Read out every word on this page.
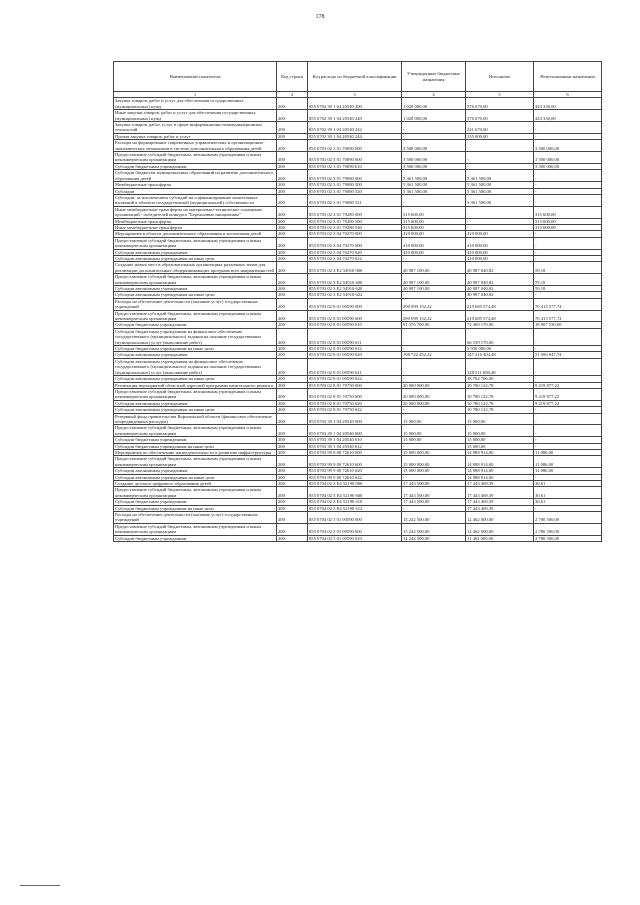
178
Наименование показателя	Код строки	Код расхода по бюджетной классификации	Утвержденные бюджетные назначения	Исполнено	Неисполненные назначения
1	2	3	4	5	6
Закупка товаров, работ и услуг для обеспечения государственных (муниципальных) нужд	200	855 0702 39 1 04 20540 200	1 020 000,00	576 670,00	443 330,00
Иные закупки товаров, работ и услуг для обеспечения государственных (муниципальных) нужд	200	855 0702 39 1 04 20540 240	1 020 000,00	576 670,00	443 330,00
Закупка товаров, работ, услуг в сфере информационно-коммуникационных технологий	200	855 0702 39 1 04 20540 242	-	241 670,00	-
Прочая закупка товаров, работ и услуг	200	855 0702 39 1 04 20540 244	-	335 000,00	-
Расходы на формирование современных управленческих и организационно-экономических механизмов в системе дополнительного образования детей	200	855 0703 02 3 01 70090 000	3 500 000,00	-	3 500 000,00
Предоставление субсидий бюджетным, автономным учреждениям и иным некоммерческим организациям	200	855 0703 02 3 01 70090 600	3 500 000,00	-	3 500 000,00
Субсидии бюджетным учреждениям	200	855 0703 02 3 01 70090 610	3 500 000,00	-	3 500 000,00
Субсидии бюджетам муниципальных образований на развитие дополнительного образования детей	200	855 0703 02 3 01 79080 000	5 361 500,00	5 361 500,00	-
Межбюджетные трансферты	200	855 0703 02 3 01 79080 500	5 361 500,00	5 361 500,00	-
Субсидии	200	855 0703 02 3 01 79080 520	5 361 500,00	5 361 500,00	-
Субсидии, за исключением субсидий на софинансирование капитальных вложений в объекты государственной (муниципальной) собственности	200	855 0703 02 3 01 79080 521	-	5 361 500,00	-
Иные межбюджетные трансферты на материально-техническое оснащение организаций - победителей конкурса "Бережливые инициативы"	200	855 0703 02 3 01 79280 000	315 600,00	-	315 600,00
Межбюджетные трансферты	200	855 0703 02 3 01 79280 500	315 600,00	-	315 600,00
Иные межбюджетные трансферты	200	855 0703 02 3 01 79280 540	315 600,00	-	315 600,00
Мероприятия в области дополнительного образования и воспитания детей	200	855 0703 02 3 04 70270 000	410 000,00	410 000,00	-
Предоставление субсидий бюджетным, автономным учреждениям и иным некоммерческим организациям	200	855 0703 02 3 04 70270 600	410 000,00	410 000,00	-
Субсидии автономным учреждениям	200	855 0703 02 3 04 70270 620	410 000,00	410 000,00	-
Субсидии автономным учреждениям на иные цели	200	855 0703 02 3 04 70270 622	-	410 000,00	-
Создание новых мест в образовательных организациях различных типов для реализации дополнительных общеразвивающих программ всех направленностей	200	855 0703 02 3 E2 54910 000	40 987 100,00	40 987 040,82	59,18
Предоставление субсидий бюджетным, автономным учреждениям и иным некоммерческим организациям	200	855 0703 02 3 E2 54910 600	40 987 100,00	40 987 040,82	59,18
Субсидии автономным учреждениям	200	855 0703 02 3 E2 54910 620	40 987 100,00	40 987 040,82	59,18
Субсидии автономным учреждениям на иные цели	200	855 0703 02 3 E2 54910 622	-	40 987 040,82	-
Расходы на обеспечение деятельности (оказание услуг) государственных учреждений	200	855 0703 02 8 01 00590 000	290 099 152,22	219 685 574,48	70 413 577,74
Предоставление субсидий бюджетным, автономным учреждениям и иным некоммерческим организациям	200	855 0703 02 8 01 00590 600	290 099 152,22	219 685 574,48	70 413 577,74
Субсидии бюджетным учреждениям	200	855 0703 02 8 01 00590 610	91 376 700,00	72 469 170,00	18 907 530,00
Субсидии бюджетным учреждениям на финансовое обеспечение государственного (муниципального) задания на оказание государственных (муниципальных) услуг (выполнение работ)	200	855 0703 02 8 01 00590 611	-	66 539 170,00	-
Субсидии бюджетным учреждениям на иные цели	200	855 0703 02 8 01 00590 612	-	5 930 000,00	-
Субсидии автономным учреждениям	200	855 0703 02 8 01 00590 620	198 722 452,22	147 216 404,48	51 506 047,74
Субсидии автономным учреждениям на финансовое обеспечение государственного (муниципального) задания на оказание государственных (муниципальных) услуг (выполнение работ)	200	855 0703 02 8 01 00590 621	-	128 511 698,48	-
Субсидии автономным учреждениям на иные цели	200	855 0703 02 8 01 00590 622	-	18 704 706,00	-
Реализация мероприятий областной адресной программы капитального ремонта	200	855 0703 02 8 01 70750 000	20 000 000,00	10 780 122,78	9 219 877,22
Предоставление субсидий бюджетным, автономным учреждениям и иным некоммерческим организациям	200	855 0703 02 8 01 70750 600	20 000 000,00	10 780 122,78	9 219 877,22
Субсидии автономным учреждениям	200	855 0703 02 8 01 70750 620	20 000 000,00	10 780 122,78	9 219 877,22
Субсидии автономным учреждениям на иные цели	200	855 0703 02 8 01 70750 622	-	10 780 122,78	-
Резервный фонд правительства Воронежской области (финансовое обеспечение непредвиденных расходов)	200	855 0703 39 1 04 20540 000	15 000,00	15 000,00	-
Предоставление субсидий бюджетным, автономным учреждениям и иным некоммерческим организациям	200	855 0703 39 1 04 20540 600	15 000,00	15 000,00	-
Субсидии бюджетным учреждениям	200	855 0703 39 1 04 20540 610	15 000,00	15 000,00	-
Субсидии бюджетным учреждениям на иные цели	200	855 0703 39 1 04 20540 612	-	15 000,00	-
Мероприятия по обеспечению жизнедеятельности и развитию инфраструктуры	200	855 0703 99 9 00 72610 000	15 000 000,00	14 988 914,00	11 086,00
Предоставление субсидий бюджетным, автономным учреждениям и иным некоммерческим организациям	200	855 0703 99 9 00 72610 600	15 000 000,00	14 988 914,00	11 086,00
Субсидии автономным учреждениям	200	855 0703 99 9 00 72610 620	15 000 000,00	14 988 914,00	11 086,00
Субсидии автономным учреждениям на иные цели	200	855 0703 99 9 00 72610 622	-	14 988 914,00	-
Создание детского цифрового образования детей	200	855 0704 02 3 E4 52190 000	17 443 500,00	17 443 469,39	30,61
Предоставление субсидий бюджетным, автономным учреждениям и иным некоммерческим организациям	200	855 0704 02 3 E4 52190 600	17 443 500,00	17 443 469,39	30,61
Субсидии бюджетным учреждениям	200	855 0704 02 3 E4 52190 610	17 443 500,00	17 443 469,39	30,61
Субсидии бюджетным учреждениям на иные цели	200	855 0704 02 3 E4 52190 612	-	17 443 469,39	-
Расходы на обеспечение деятельности (оказание услуг) государственных учреждений	200	855 0704 02 5 01 00590 000	15 242 500,00	12 462 000,00	2 780 500,00
Предоставление субсидий бюджетным, автономным учреждениям и иным некоммерческим организациям	200	855 0704 02 5 01 00590 600	15 242 500,00	12 462 000,00	2 780 500,00
Субсидии бюджетным учреждениям	200	855 0704 02 5 01 00590 610	14 242 500,00	11 462 000,00	2 780 500,00
